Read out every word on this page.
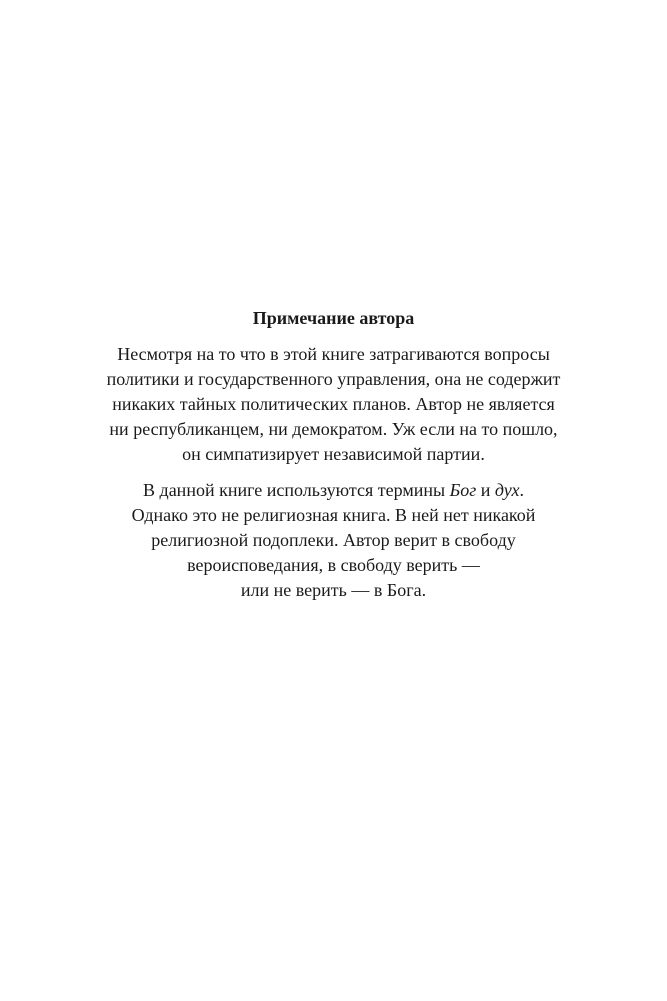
Примечание автора
Несмотря на то что в этой книге затрагиваются вопросы
политики и государственного управления, она не содержит
никаких тайных политических планов. Автор не является
ни республиканцем, ни демократом. Уж если на то пошло,
он симпатизирует независимой партии.
В данной книге используются термины Бог и дух.
Однако это не религиозная книга. В ней нет никакой
религиозной подоплеки. Автор верит в свободу
вероисповедания, в свободу верить —
или не верить — в Бога.
